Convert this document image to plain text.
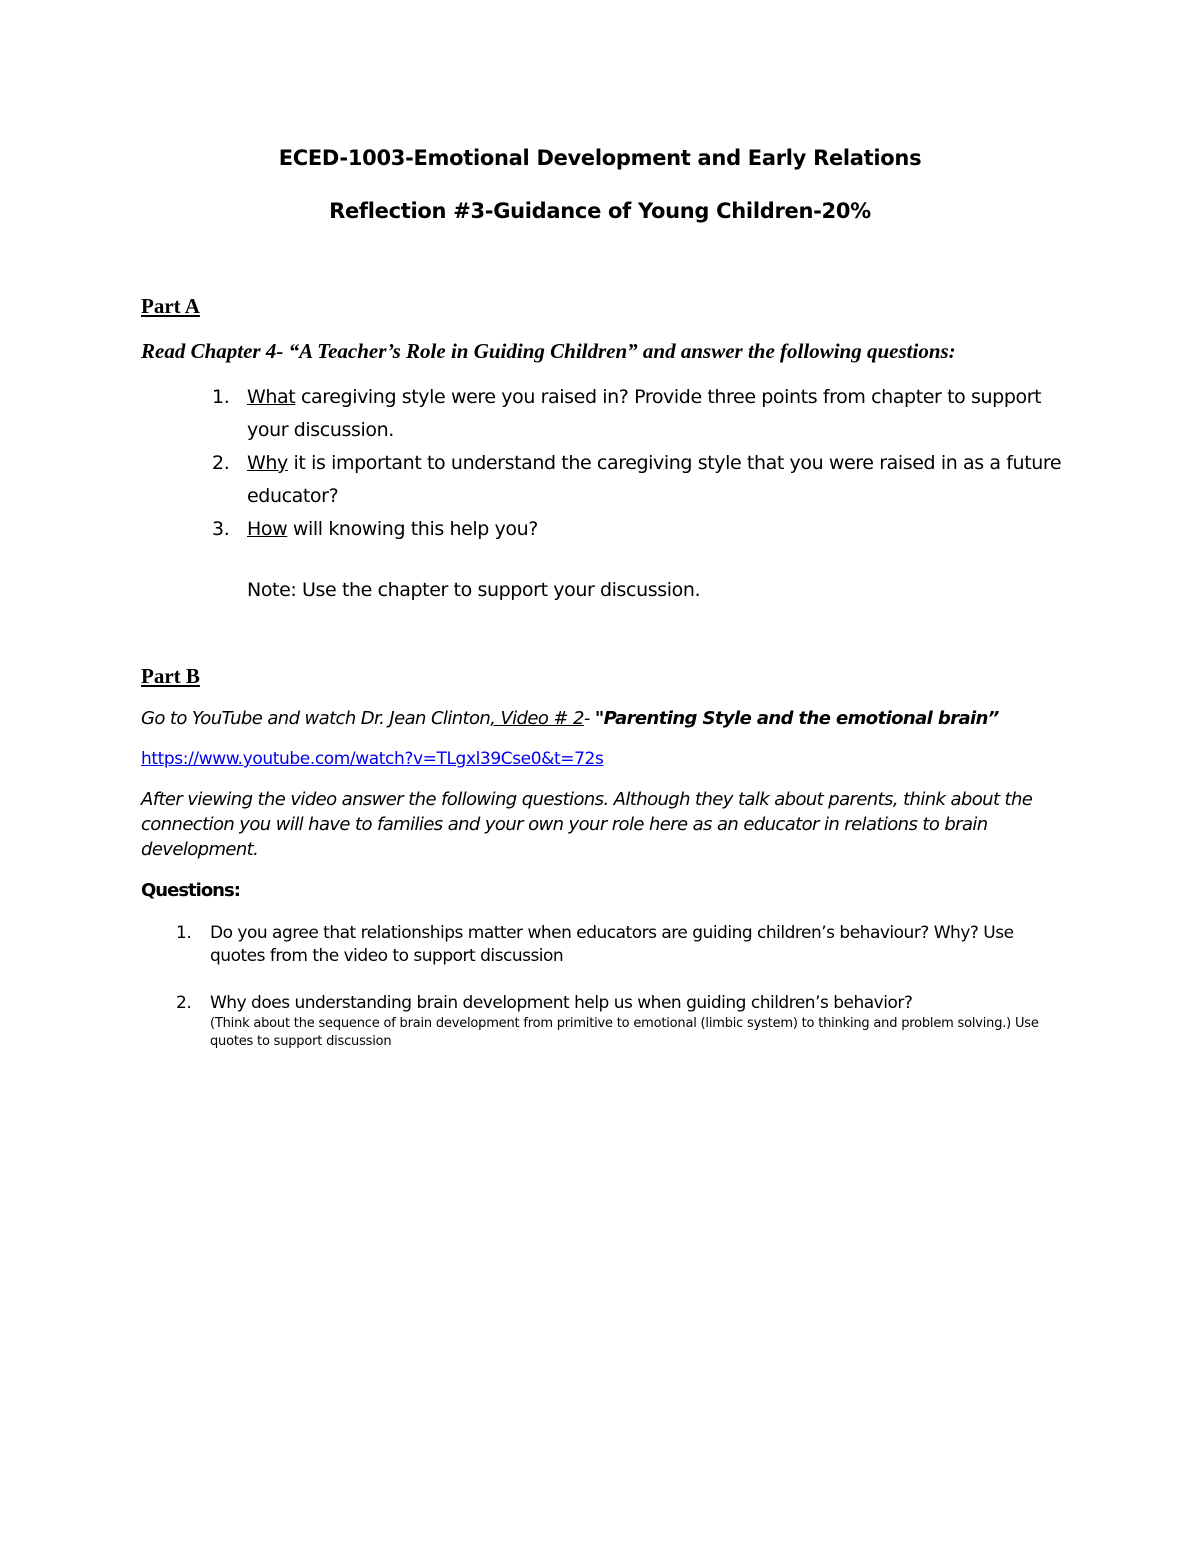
ECED-1003-Emotional Development and Early Relations
Reflection #3-Guidance of Young Children-20%
Part A
Read Chapter 4- “A Teacher’s Role in Guiding Children” and answer the following questions:
1. What caregiving style were you raised in? Provide three points from chapter to support your discussion.
2. Why it is important to understand the caregiving style that you were raised in as a future educator?
3. How will knowing this help you?
Note: Use the chapter to support your discussion.
Part B
Go to YouTube and watch Dr. Jean Clinton, Video # 2- "Parenting Style and the emotional brain”
https://www.youtube.com/watch?v=TLgxl39Cse0&t=72s
After viewing the video answer the following questions. Although they talk about parents, think about the connection you will have to families and your own your role here as an educator in relations to brain development.
Questions:
1. Do you agree that relationships matter when educators are guiding children’s behaviour? Why? Use quotes from the video to support discussion
2. Why does understanding brain development help us when guiding children’s behavior?
(Think about the sequence of brain development from primitive to emotional (limbic system) to thinking and problem solving.) Use quotes to support discussion
